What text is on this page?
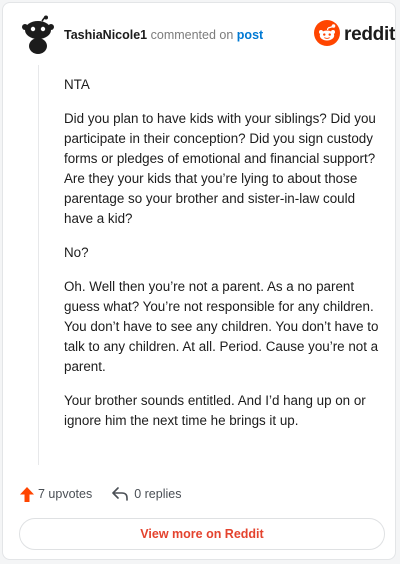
TashiaNicole1 commented on post	reddit

NTA

Did you plan to have kids with your siblings? Did you participate in their conception? Did you sign custody forms or pledges of emotional and financial support? Are they your kids that you’re lying to about those parentage so your brother and sister-in-law could have a kid?

No?

Oh. Well then you’re not a parent. As a no parent guess what? You’re not responsible for any children. You don’t have to see any children. You don’t have to talk to any children. At all. Period. Cause you’re not a parent.

Your brother sounds entitled. And I’d hang up on or ignore him the next time he brings it up.

7 upvotes	0 replies
View more on Reddit
